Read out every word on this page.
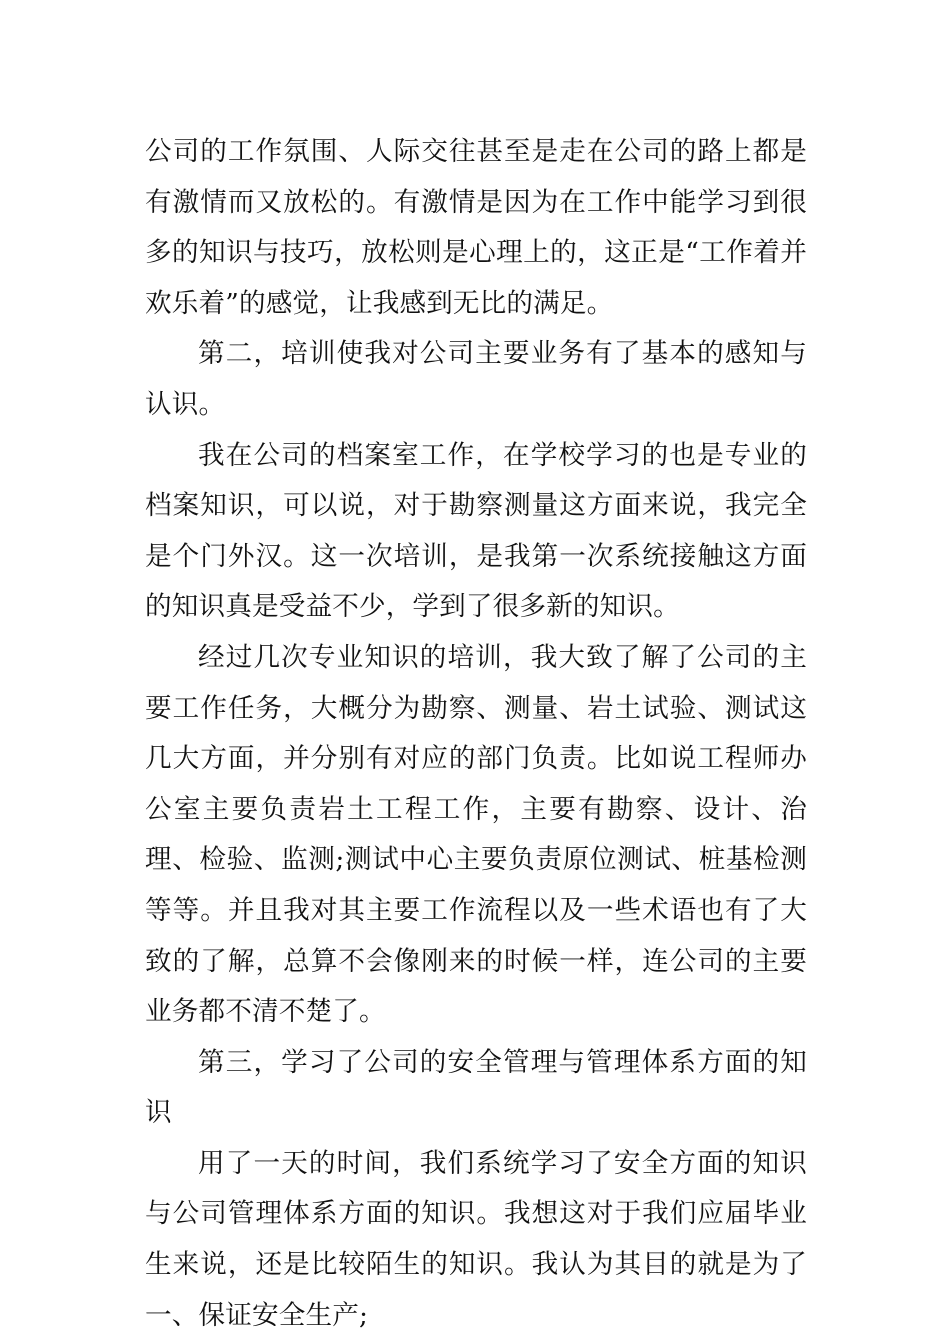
公司的工作氛围、人际交往甚至是走在公司的路上都是有激情而又放松的。有激情是因为在工作中能学习到很多的知识与技巧，放松则是心理上的，这正是“工作着并欢乐着”的感觉，让我感到无比的满足。

第二，培训使我对公司主要业务有了基本的感知与认识。

我在公司的档案室工作，在学校学习的也是专业的档案知识，可以说，对于勘察测量这方面来说，我完全是个门外汉。这一次培训，是我第一次系统接触这方面的知识真是受益不少，学到了很多新的知识。

经过几次专业知识的培训，我大致了解了公司的主要工作任务，大概分为勘察、测量、岩土试验、测试这几大方面，并分别有对应的部门负责。比如说工程师办公室主要负责岩土工程工作，主要有勘察、设计、治理、检验、监测;测试中心主要负责原位测试、桩基检测等等。并且我对其主要工作流程以及一些术语也有了大致的了解，总算不会像刚来的时候一样，连公司的主要业务都不清不楚了。

第三，学习了公司的安全管理与管理体系方面的知识

用了一天的时间，我们系统学习了安全方面的知识与公司管理体系方面的知识。我想这对于我们应届毕业生来说，还是比较陌生的知识。我认为其目的就是为了一、保证安全生产;
